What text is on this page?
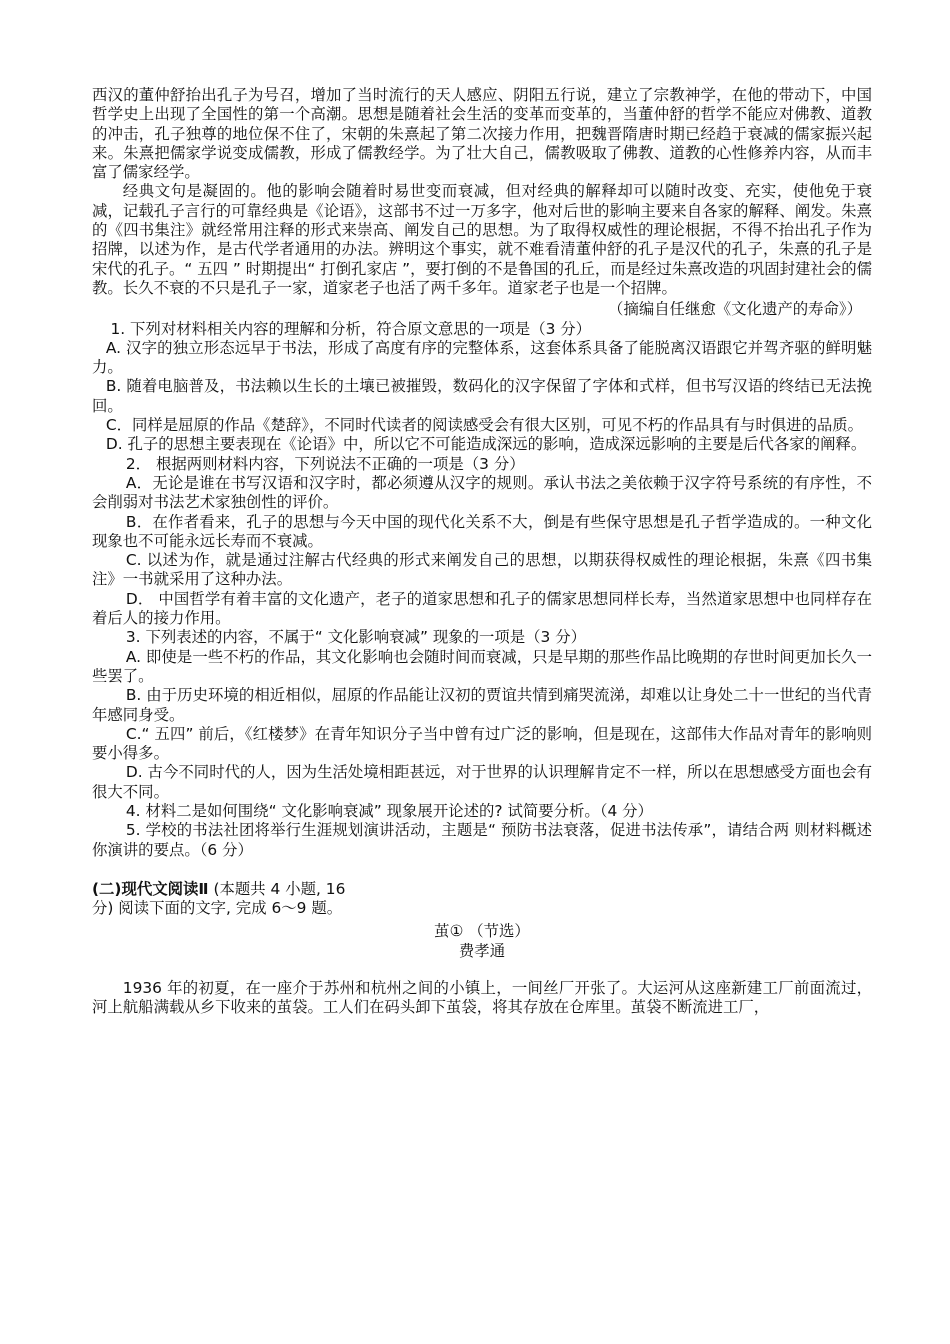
西汉的董仲舒抬出孔子为号召，增加了当时流行的天人感应、阴阳五行说，建立了宗教神学，在他的带动下，中国哲学史上出现了全国性的第一个高潮。思想是随着社会生活的变革而变革的，当董仲舒的哲学不能应对佛教、道教的冲击，孔子独尊的地位保不住了，宋朝的朱熹起了第二次接力作用，把魏晋隋唐时期已经趋于衰减的儒家振兴起来。朱熹把儒家学说变成儒教，形成了儒教经学。为了壮大自己，儒教吸取了佛教、道教的心性修养内容，从而丰富了儒家经学。

经典文句是凝固的。他的影响会随着时易世变而衰减，但对经典的解释却可以随时改变、充实，使他免于衰减，记载孔子言行的可靠经典是《论语》，这部书不过一万多字，他对后世的影响主要来自各家的解释、阐发。朱熹的《四书集注》就经常用注释的形式来崇高、阐发自己的思想。为了取得权威性的理论根据，不得不抬出孔子作为招牌，以述为作，是古代学者通用的办法。辨明这个事实，就不难看清董仲舒的孔子是汉代的孔子，朱熹的孔子是宋代的孔子。“ 五四 ” 时期提出“ 打倒孔家店 ”，要打倒的不是鲁国的孔丘，而是经过朱熹改造的巩固封建社会的儒教。长久不衰的不只是孔子一家，道家老子也活了两千多年。道家老子也是一个招牌。

（摘编自任继愈《文化遗产的寿命》）

1. 下列对材料相关内容的理解和分析，符合原文意思的一项是（3 分）

A. 汉字的独立形态远早于书法，形成了高度有序的完整体系，这套体系具备了能脱离汉语跟它并驾齐驱的鲜明魅力。

B. 随着电脑普及，书法赖以生长的土壤已被摧毁，数码化的汉字保留了字体和式样，但书写汉语的终结已无法挽回。

C．同样是屈原的作品《楚辞》，不同时代读者的阅读感受会有很大区别，可见不朽的作品具有与时俱进的品质。

D. 孔子的思想主要表现在《论语》中，所以它不可能造成深远的影响，造成深远影响的主要是后代各家的阐释。

2． 根据两则材料内容，下列说法不正确的一项是（3 分）

A．无论是谁在书写汉语和汉字时，都必须遵从汉字的规则。承认书法之美依赖于汉字符号系统的有序性，不会削弱对书法艺术家独创性的评价。

B．在作者看来，孔子的思想与今天中国的现代化关系不大，倒是有些保守思想是孔子哲学造成的。一种文化现象也不可能永远长寿而不衰减。

C. 以述为作，就是通过注解古代经典的形式来阐发自己的思想，以期获得权威性的理论根据，朱熹《四书集注》一书就采用了这种办法。

D． 中国哲学有着丰富的文化遗产，老子的道家思想和孔子的儒家思想同样长寿，当然道家思想中也同样存在着后人的接力作用。

3. 下列表述的内容，不属于“ 文化影响衰减” 现象的一项是（3 分）

A. 即使是一些不朽的作品，其文化影响也会随时间而衰减，只是早期的那些作品比晚期的存世时间更加长久一些罢了。

B. 由于历史环境的相近相似，屈原的作品能让汉初的贾谊共情到痛哭流涕，却难以让身处二十一世纪的当代青年感同身受。

C.“ 五四” 前后，《红楼梦》在青年知识分子当中曾有过广泛的影响，但是现在，这部伟大作品对青年的影响则要小得多。

D. 古今不同时代的人，因为生活处境相距甚远，对于世界的认识理解肯定不一样，所以在思想感受方面也会有很大不同。

4. 材料二是如何围绕“ 文化影响衰减” 现象展开论述的? 试简要分析。（4 分）

5. 学校的书法社团将举行生涯规划演讲活动，主题是“ 预防书法衰落，促进书法传承”，请结合两 则材料概述你演讲的要点。（6 分）

(二)现代文阅读Ⅱ (本题共 4 小题, 16

分) 阅读下面的文字, 完成 6～9 题。

茧① （节选）

费孝通

1936 年的初夏，在一座介于苏州和杭州之间的小镇上，一间丝厂开张了。大运河从这座新建工厂前面流过，河上航船满载从乡下收来的茧袋。工人们在码头卸下茧袋，将其存放在仓库里。茧袋不断流进工厂，
